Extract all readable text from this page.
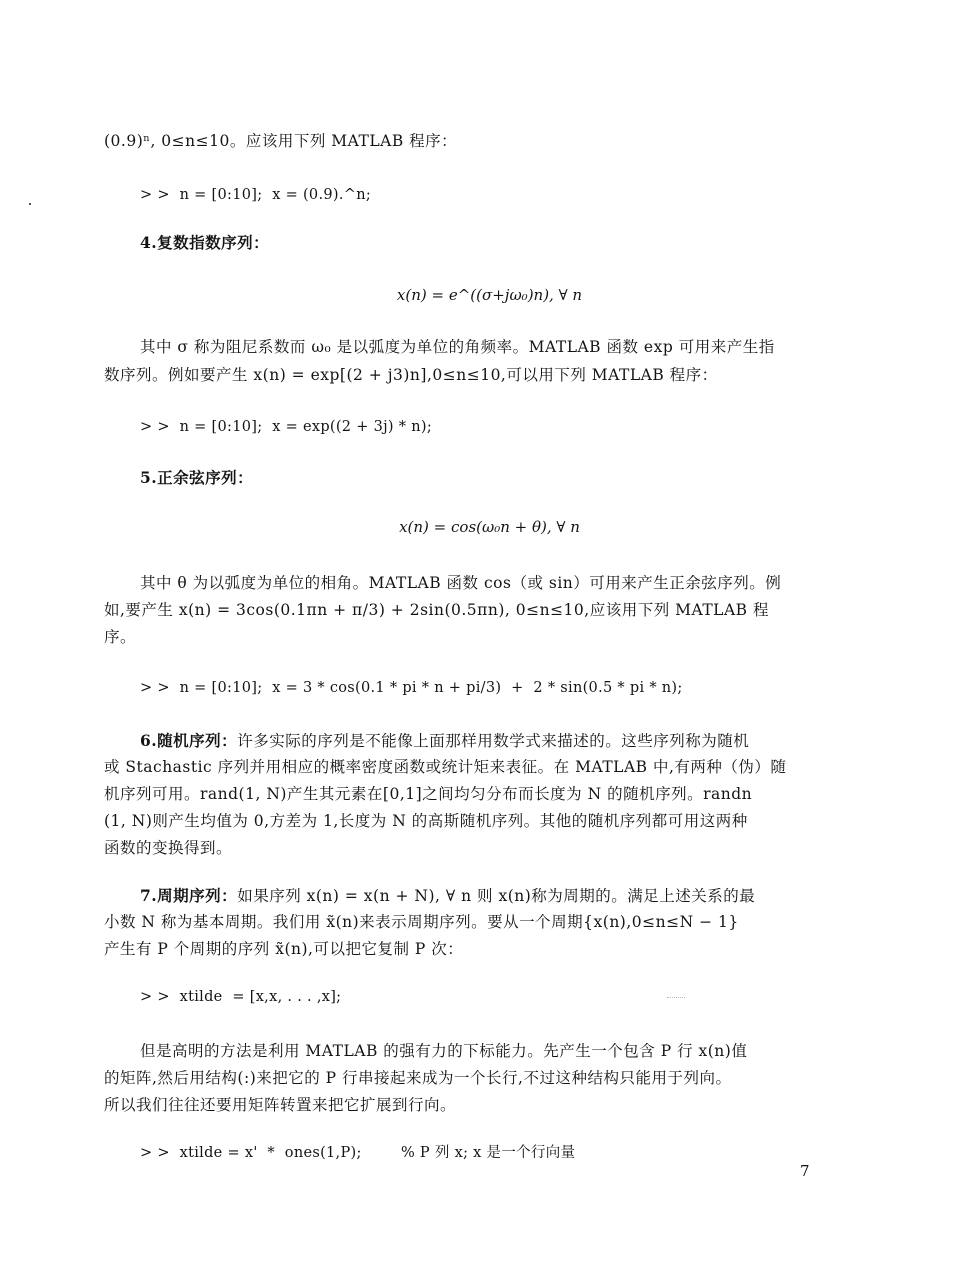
(0.9)ⁿ, 0≤n≤10。应该用下列 MATLAB 程序：
> >  n = [0:10];  x = (0.9).^n;
4.复数指数序列：
x(n) = e^((σ+jω₀)n), ∀ n
其中 σ 称为阻尼系数而 ω₀ 是以弧度为单位的角频率。MATLAB 函数 exp 可用来产生指
数序列。例如要产生 x(n) = exp[(2 + j3)n],0≤n≤10,可以用下列 MATLAB 程序：
> >  n = [0:10];  x = exp((2 + 3j) * n);
5.正余弦序列：
x(n) = cos(ω₀n + θ), ∀ n
其中 θ 为以弧度为单位的相角。MATLAB 函数 cos（或 sin）可用来产生正余弦序列。例
如,要产生 x(n) = 3cos(0.1πn + π/3) + 2sin(0.5πn), 0≤n≤10,应该用下列 MATLAB 程
序。
> >  n = [0:10];  x = 3 * cos(0.1 * pi * n + pi/3)  +  2 * sin(0.5 * pi * n);
6.随机序列：许多实际的序列是不能像上面那样用数学式来描述的。这些序列称为随机
或 Stachastic 序列并用相应的概率密度函数或统计矩来表征。在 MATLAB 中,有两种（伪）随
机序列可用。rand(1, N)产生其元素在[0,1]之间均匀分布而长度为 N 的随机序列。randn
(1, N)则产生均值为 0,方差为 1,长度为 N 的高斯随机序列。其他的随机序列都可用这两种
函数的变换得到。
7.周期序列：如果序列 x(n) = x(n + N), ∀ n 则 x(n)称为周期的。满足上述关系的最
小数 N 称为基本周期。我们用 x̃(n)来表示周期序列。要从一个周期{x(n),0≤n≤N − 1}
产生有 P 个周期的序列 x̃(n),可以把它复制 P 次：
> >  xtilde  = [x,x, . . . ,x];
但是高明的方法是利用 MATLAB 的强有力的下标能力。先产生一个包含 P 行 x(n)值
的矩阵,然后用结构(:)来把它的 P 行串接起来成为一个长行,不过这种结构只能用于列向。
所以我们往往还要用矩阵转置来把它扩展到行向。
> >  xtilde = x'  *  ones(1,P);        % P 列 x; x 是一个行向量
7
